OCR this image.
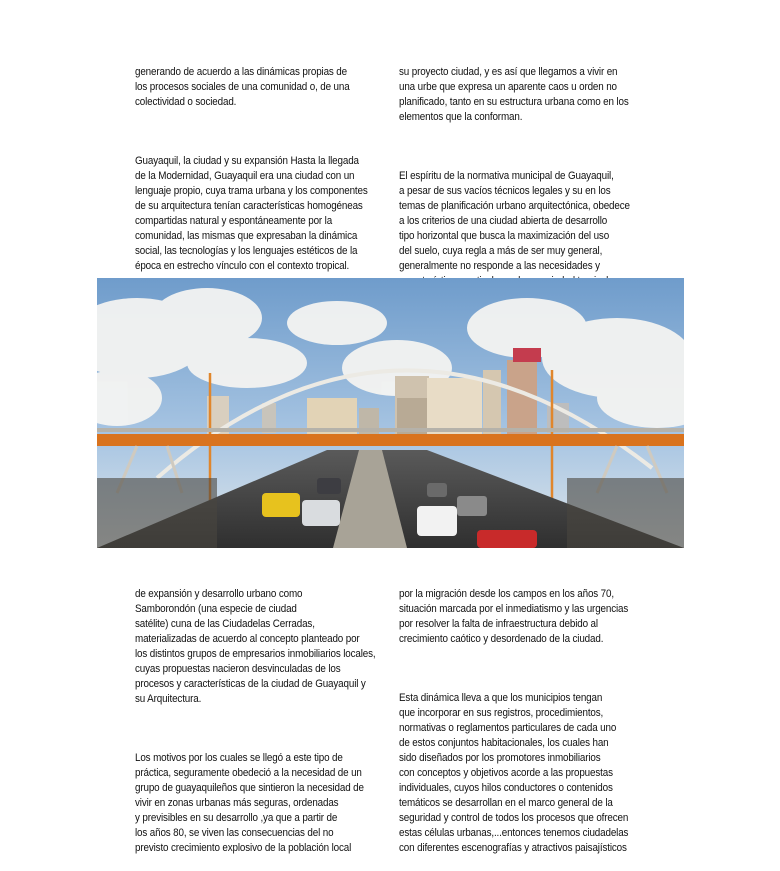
generando de acuerdo a las dinámicas propias de
los procesos sociales de una comunidad o, de una
colectividad o sociedad.

Guayaquil, la ciudad y su expansión Hasta la llegada
de la Modernidad, Guayaquil era una ciudad con un
lenguaje propio, cuya trama urbana y los componentes
de su arquitectura tenían características homogéneas
compartidas natural y espontáneamente por la
comunidad, las mismas que expresaban la dinámica
social, las tecnologías y los lenguajes estéticos de la
época en estrecho vínculo con el contexto tropical.

su proyecto ciudad, y es así que llegamos a vivir en
una urbe que expresa un aparente caos u orden no
planificado, tanto en su estructura urbana como en los
elementos que la conforman.

El espíritu de la normativa municipal de Guayaquil,
a pesar de sus vacíos técnicos legales y su en los
temas de planificación urbano arquitectónica, obedece
a los criterios de una ciudad abierta de desarrollo
tipo horizontal que busca la maximización del uso
del suelo, cuya regla a más de ser muy general,
generalmente no responde a las necesidades y

de expansión y desarrollo urbano como
Samborondón (una especie de ciudad
satélite) cuna de las Ciudadelas Cerradas,
materializadas de acuerdo al concepto planteado por
los distintos grupos de empresarios inmobiliarios locales,
cuyas propuestas nacieron desvinculadas de los
procesos y características de la ciudad de Guayaquil y
su Arquitectura.

Los motivos por los cuales se llegó a este tipo de
práctica, seguramente obedeció a la necesidad de un
grupo de guayaquileños que sintieron la necesidad de
vivir en zonas urbanas más seguras, ordenadas
y previsibles en su desarrollo ,ya que a partir de
los años 80, se viven las consecuencias del no
previsto crecimiento explosivo de la población local

por la migración desde los campos en los años 70,
situación marcada por el inmediatismo y las urgencias
por resolver la falta de infraestructura debido al
crecimiento caótico y desordenado de la ciudad.

Esta dinámica lleva a que los municipios tengan
que incorporar en sus registros, procedimientos,
normativas o reglamentos particulares de cada uno
de estos conjuntos habitacionales, los cuales han
sido diseñados por los promotores inmobiliarios
con conceptos y objetivos acorde a las propuestas
individuales, cuyos hilos conductores o contenidos
temáticos se desarrollan en el marco general de la
seguridad y control de todos los procesos que ofrecen
estas células urbanas,...entonces tenemos ciudadelas
con diferentes escenografías y atractivos paisajísticos
